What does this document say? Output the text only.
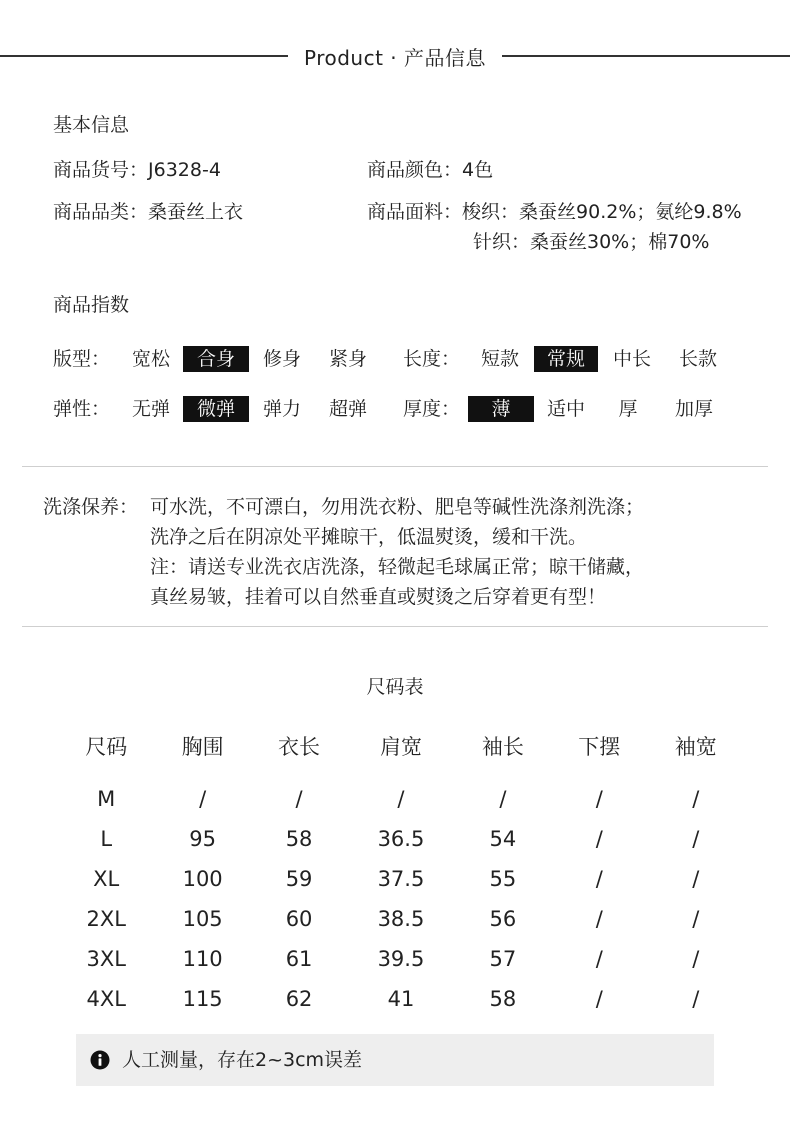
Product · 产品信息
基本信息
商品货号：J6328-4	商品颜色：4色
商品品类：桑蚕丝上衣	商品面料：梭织：桑蚕丝90.2%；氨纶9.8%
针织：桑蚕丝30%；棉70%
商品指数
版型：	宽松	合身	修身	紧身	长度：	短款	常规	中长	长款
弹性：	无弹	微弹	弹力	超弹	厚度：	薄	适中	厚	加厚
洗涤保养： 可水洗，不可漂白，勿用洗衣粉、肥皂等碱性洗涤剂洗涤；
洗净之后在阴凉处平摊晾干，低温熨烫，缓和干洗。
注：请送专业洗衣店洗涤，轻微起毛球属正常；晾干储藏，
真丝易皱，挂着可以自然垂直或熨烫之后穿着更有型！
尺码表
尺码	胸围	衣长	肩宽	袖长	下摆	袖宽
M	/	/	/	/	/	/
L	95	58	36.5	54	/	/
XL	100	59	37.5	55	/	/
2XL	105	60	38.5	56	/	/
3XL	110	61	39.5	57	/	/
4XL	115	62	41	58	/	/
人工测量，存在2~3cm误差
